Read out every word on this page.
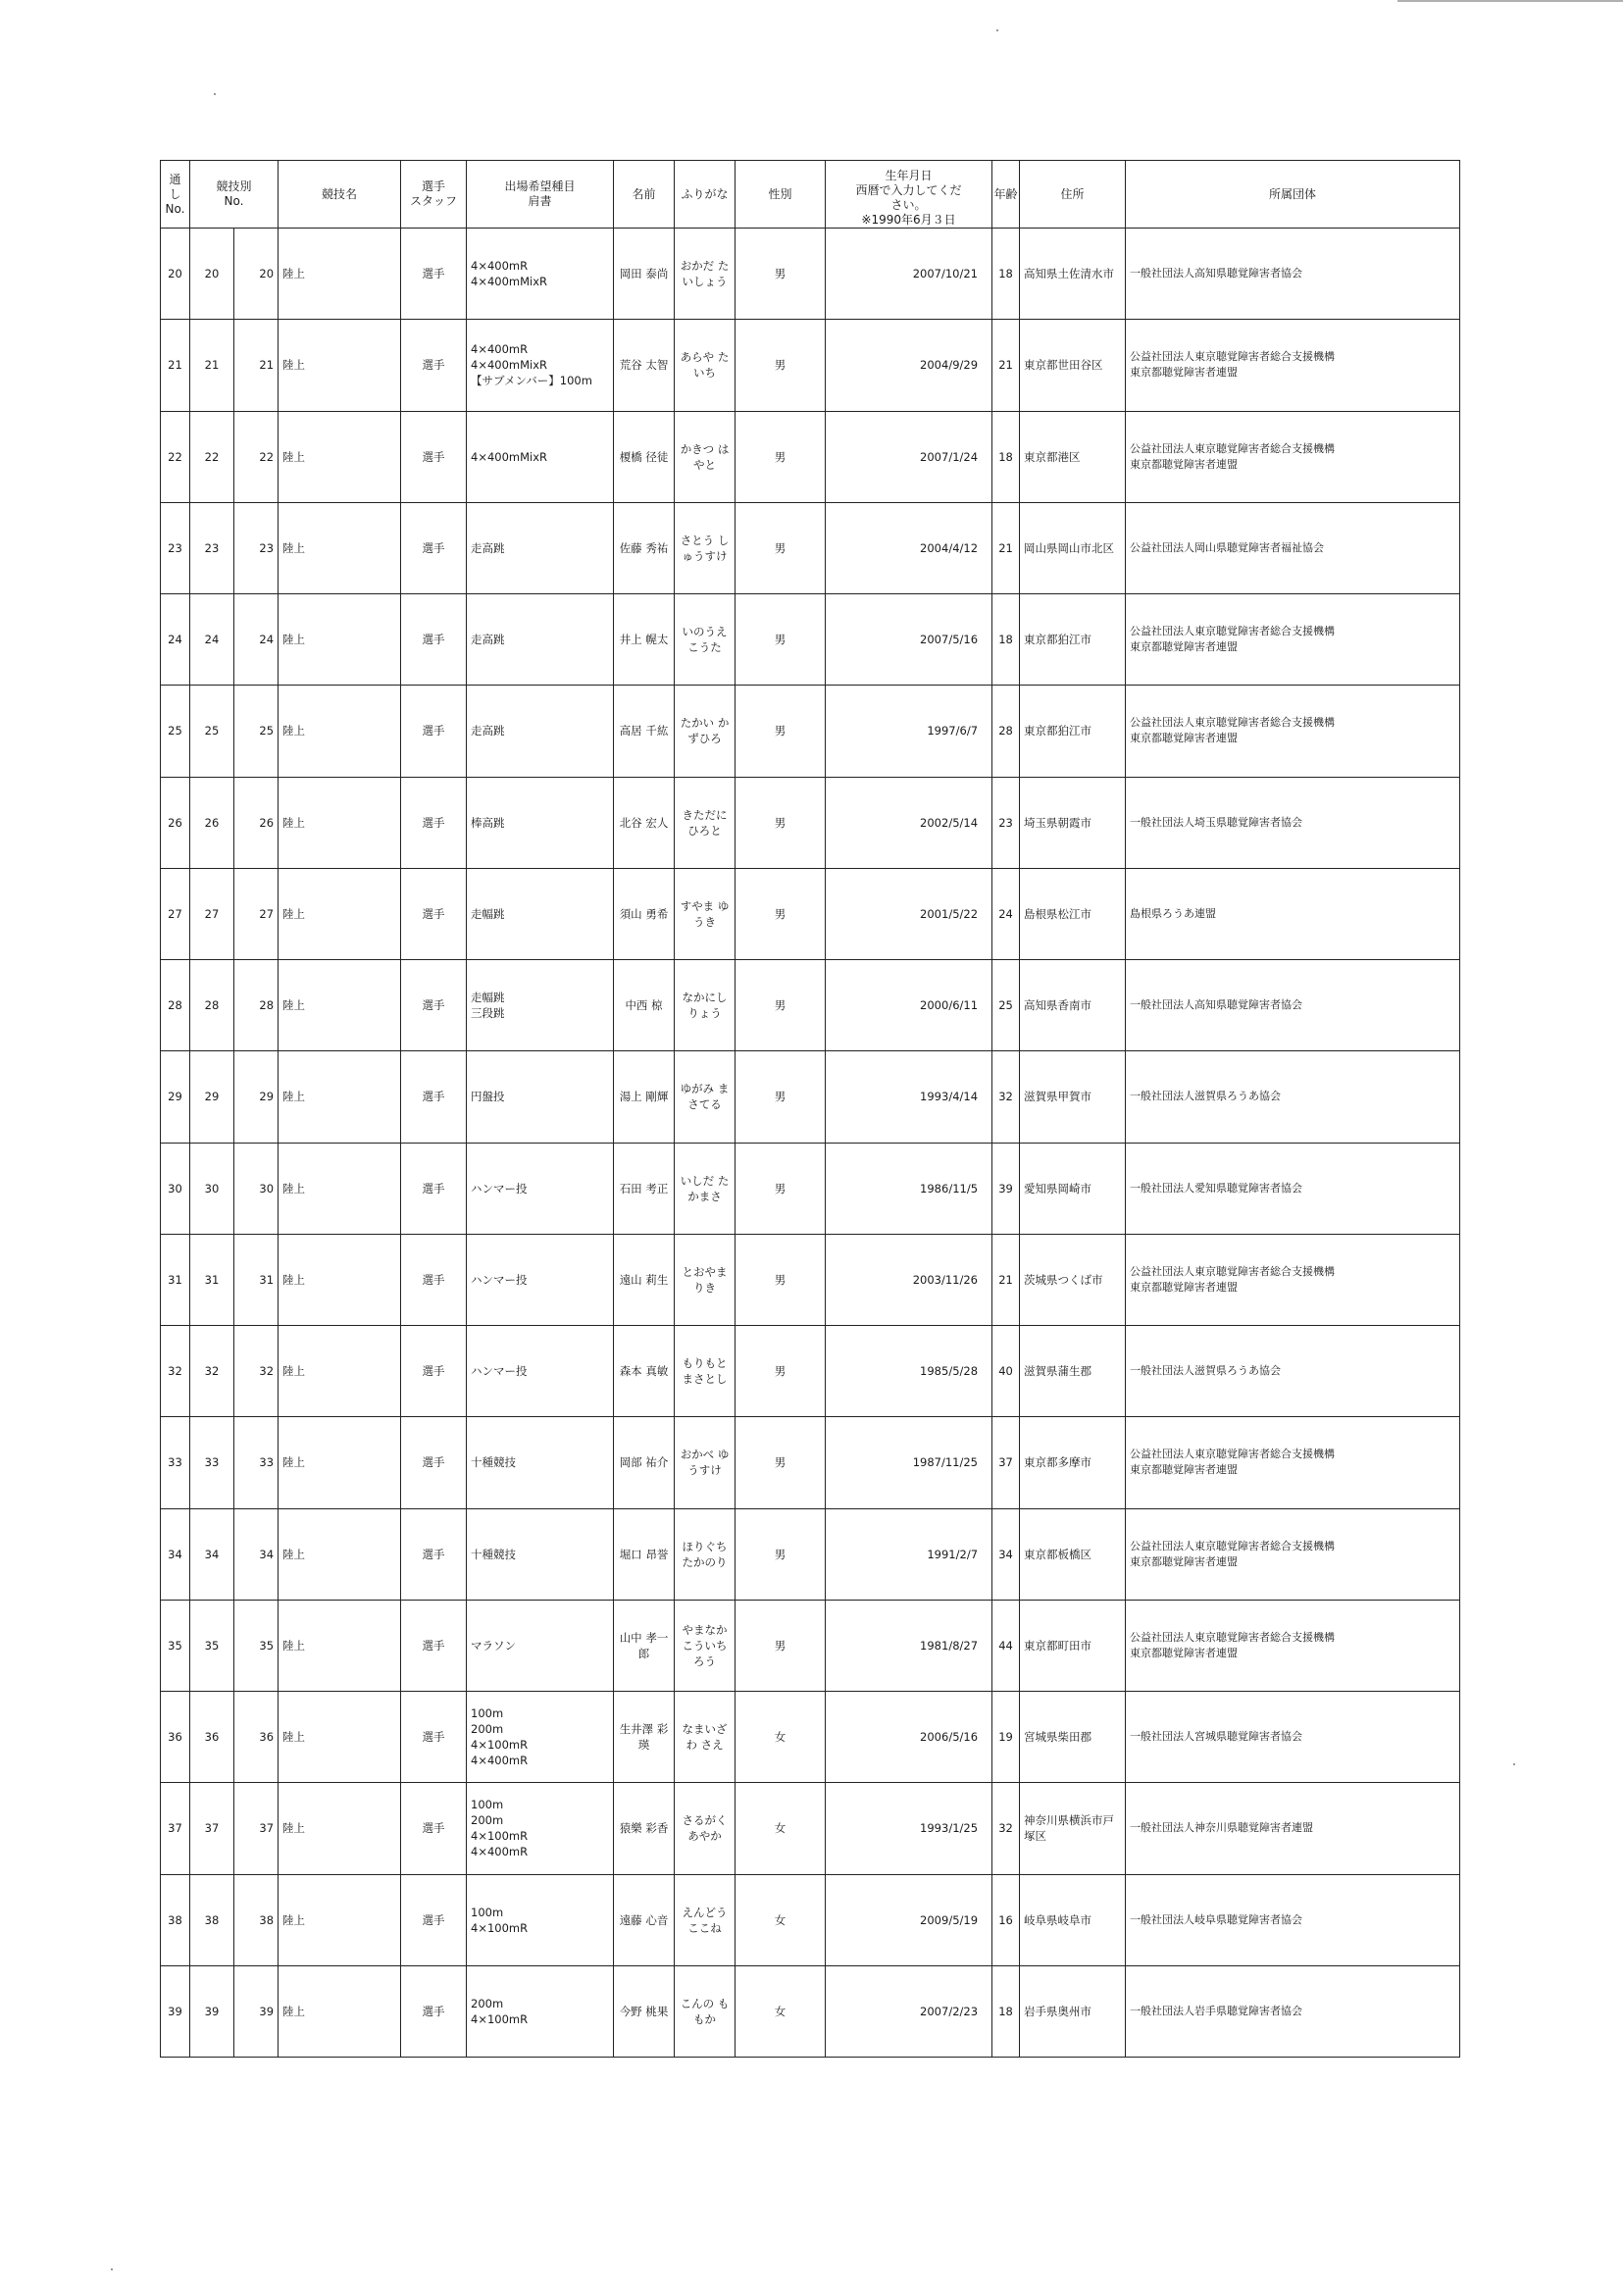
通し
No.	競技別
No.		競技名	選手
スタッフ	出場希望種目
肩書	名前	ふりがな	性別	生年月日
西暦で入力してくだ
さい。
※1990年6月３日	年齢	住所	所属団体
20	20	20	陸上	選手	4×400mR
4×400mMixR	岡田 泰尚	おかだ たいしょう	男	2007/10/21	18	高知県土佐清水市	一般社団法人高知県聴覚障害者協会

21	21	21	陸上	選手	4×400mR
4×400mMixR
【サブメンバー】100m	荒谷 太智	あらや たいち	男	2004/9/29	21	東京都世田谷区	公益社団法人東京聴覚障害者総合支援機構
東京都聴覚障害者連盟

22	22	22	陸上	選手	4×400mMixR	榎橋 径徒	かきつ はやと	男	2007/1/24	18	東京都港区	公益社団法人東京聴覚障害者総合支援機構
東京都聴覚障害者連盟

23	23	23	陸上	選手	走高跳	佐藤 秀祐	さとう しゅうすけ	男	2004/4/12	21	岡山県岡山市北区	公益社団法人岡山県聴覚障害者福祉協会

24	24	24	陸上	選手	走高跳	井上 幌太	いのうえ こうた	男	2007/5/16	18	東京都狛江市	公益社団法人東京聴覚障害者総合支援機構
東京都聴覚障害者連盟

25	25	25	陸上	選手	走高跳	高居 千紘	たかい かずひろ	男	1997/6/7	28	東京都狛江市	公益社団法人東京聴覚障害者総合支援機構
東京都聴覚障害者連盟

26	26	26	陸上	選手	棒高跳	北谷 宏人	きただに ひろと	男	2002/5/14	23	埼玉県朝霞市	一般社団法人埼玉県聴覚障害者協会

27	27	27	陸上	選手	走幅跳	須山 勇希	すやま ゆうき	男	2001/5/22	24	島根県松江市	島根県ろうあ連盟

28	28	28	陸上	選手	走幅跳
三段跳	中西 椋	なかにし りょう	男	2000/6/11	25	高知県香南市	一般社団法人高知県聴覚障害者協会

29	29	29	陸上	選手	円盤投	湯上 剛輝	ゆがみ まさてる	男	1993/4/14	32	滋賀県甲賀市	一般社団法人滋賀県ろうあ協会

30	30	30	陸上	選手	ハンマー投	石田 考正	いしだ たかまさ	男	1986/11/5	39	愛知県岡崎市	一般社団法人愛知県聴覚障害者協会

31	31	31	陸上	選手	ハンマー投	遠山 莉生	とおやま りき	男	2003/11/26	21	茨城県つくば市	公益社団法人東京聴覚障害者総合支援機構
東京都聴覚障害者連盟

32	32	32	陸上	選手	ハンマー投	森本 真敏	もりもと まさとし	男	1985/5/28	40	滋賀県蒲生郡	一般社団法人滋賀県ろうあ協会

33	33	33	陸上	選手	十種競技	岡部 祐介	おかべ ゆうすけ	男	1987/11/25	37	東京都多摩市	公益社団法人東京聴覚障害者総合支援機構
東京都聴覚障害者連盟

34	34	34	陸上	選手	十種競技	堀口 昂誉	ほりぐち たかのり	男	1991/2/7	34	東京都板橋区	公益社団法人東京聴覚障害者総合支援機構
東京都聴覚障害者連盟

35	35	35	陸上	選手	マラソン	山中 孝一郎	やまなか こういちろう	男	1981/8/27	44	東京都町田市	公益社団法人東京聴覚障害者総合支援機構
東京都聴覚障害者連盟

36	36	36	陸上	選手	100m
200m
4×100mR
4×400mR	生井澤 彩瑛	なまいざわ さえ	女	2006/5/16	19	宮城県柴田郡	一般社団法人宮城県聴覚障害者協会

37	37	37	陸上	選手	100m
200m
4×100mR
4×400mR	猿樂 彩香	さるがく あやか	女	1993/1/25	32	神奈川県横浜市戸塚区	一般社団法人神奈川県聴覚障害者連盟

38	38	38	陸上	選手	100m
4×100mR	遠藤 心音	えんどう ここね	女	2009/5/19	16	岐阜県岐阜市	一般社団法人岐阜県聴覚障害者協会

39	39	39	陸上	選手	200m
4×100mR	今野 桃果	こんの ももか	女	2007/2/23	18	岩手県奥州市	一般社団法人岩手県聴覚障害者協会
